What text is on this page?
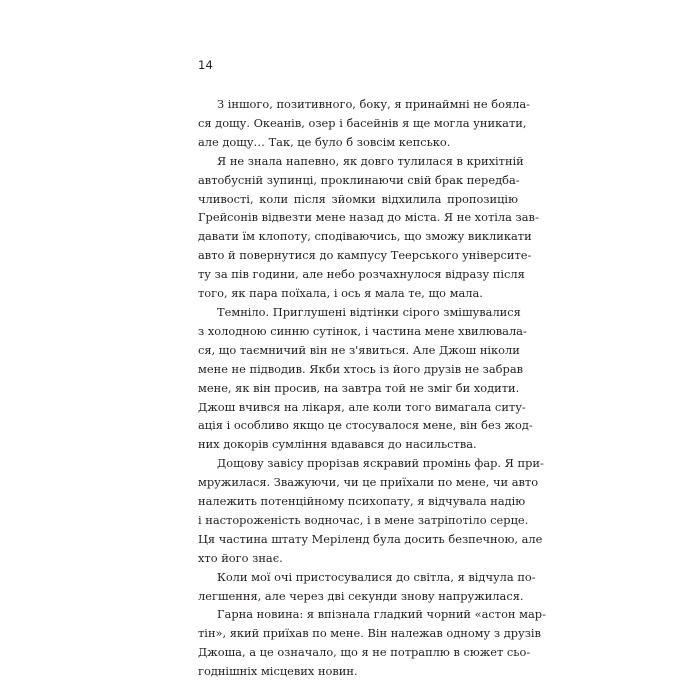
14
З іншого, позитивного, боку, я принаймні не бояла-
ся дощу. Океанів, озер і басейнів я ще могла уникати,
але дощу… Так, це було б зовсім кепсько.
Я не знала напевно, як довго тулилася в крихітній
автобусній зупинці, проклинаючи свій брак передба-
чливості, коли після зйомки відхилила пропозицію
Грейсонів відвезти мене назад до міста. Я не хотіла зав-
давати їм клопоту, сподіваючись, що зможу викликати
авто й повернутися до кампусу Теерського університе-
ту за пів години, але небо розчахнулося відразу після
того, як пара поїхала, і ось я мала те, що мала.
Темніло. Приглушені відтінки сірого змішувалися
з холодною синню сутінок, і частина мене хвилювала-
ся, що таємничий він не з'явиться. Але Джош ніколи
мене не підводив. Якби хтось із його друзів не забрав
мене, як він просив, на завтра той не зміг би ходити.
Джош вчився на лікаря, але коли того вимагала ситу-
ація і особливо якщо це стосувалося мене, він без жод-
них докорів сумління вдавався до насильства.
Дощову завісу прорізав яскравий промінь фар. Я при-
мружилася. Зважуючи, чи це приїхали по мене, чи авто
належить потенційному психопату, я відчувала надію
і настороженість водночас, і в мене затріпотіло серце.
Ця частина штату Меріленд була досить безпечною, але
хто його знає.
Коли мої очі пристосувалися до світла, я відчула по-
легшення, але через дві секунди знову напружилася.
Гарна новина: я впізнала гладкий чорний «астон мар-
тін», який приїхав по мене. Він належав одному з друзів
Джоша, а це означало, що я не потраплю в сюжет сьо-
годнішніх місцевих новин.
